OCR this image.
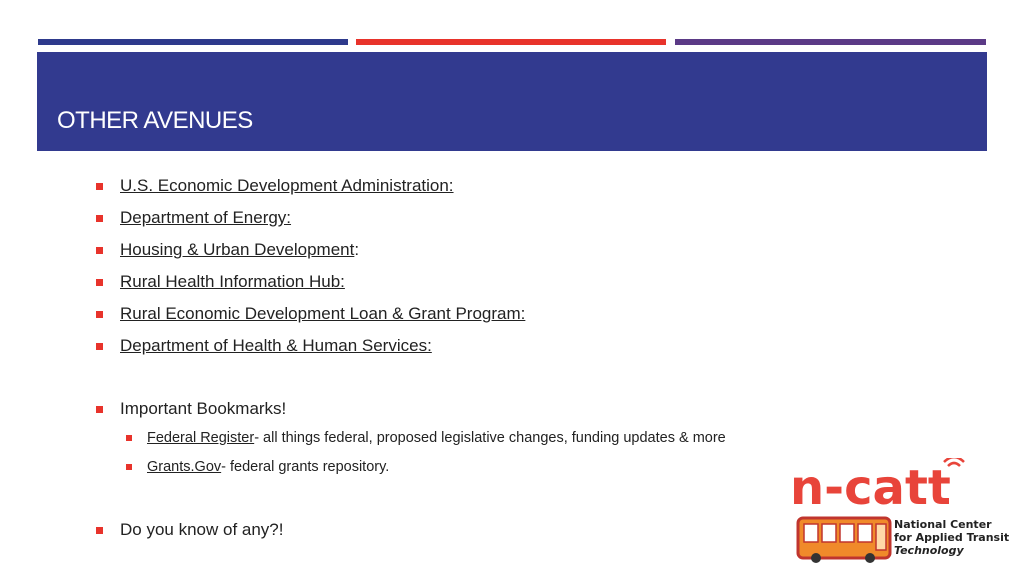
OTHER AVENUES
U.S. Economic Development Administration:
Department of Energy:
Housing & Urban Development :
Rural Health Information Hub:
Rural Economic Development Loan & Grant Program:
Department of Health & Human Services:
Important Bookmarks!
Federal Register - all things federal, proposed legislative changes, funding updates & more
Grants.Gov - federal grants repository.
Do you know of any?!
n-catt
National Center
for Applied Transit
Technology
